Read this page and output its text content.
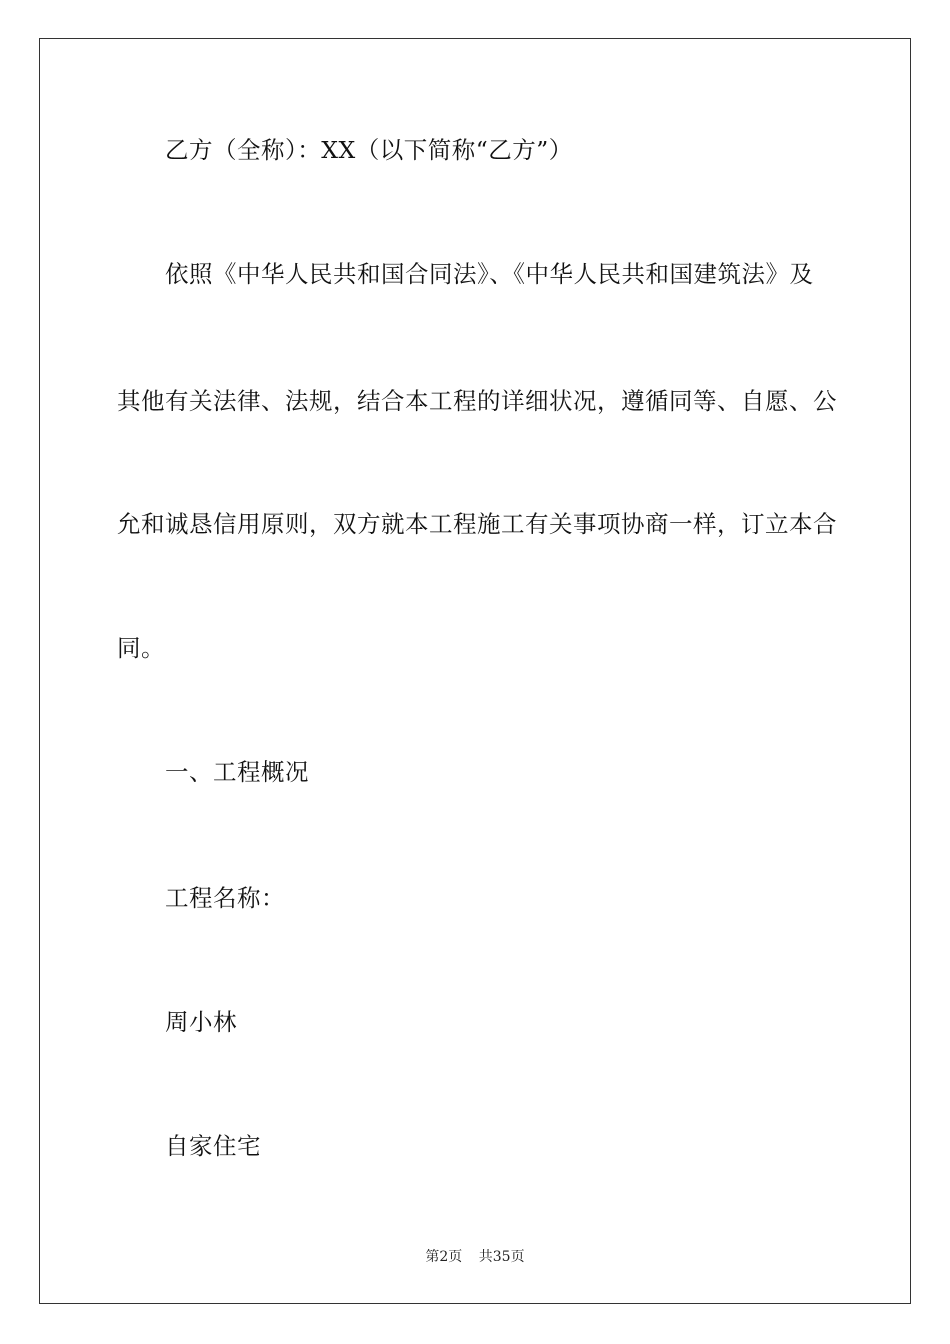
乙方（全称）：XX（以下简称“乙方”）
依照《中华人民共和国合同法》、《中华人民共和国建筑法》及
其他有关法律、法规，结合本工程的详细状况，遵循同等、自愿、公
允和诚恳信用原则，双方就本工程施工有关事项协商一样，订立本合
同。
一、工程概况
工程名称：
周小林
自家住宅
第2页 共35页
